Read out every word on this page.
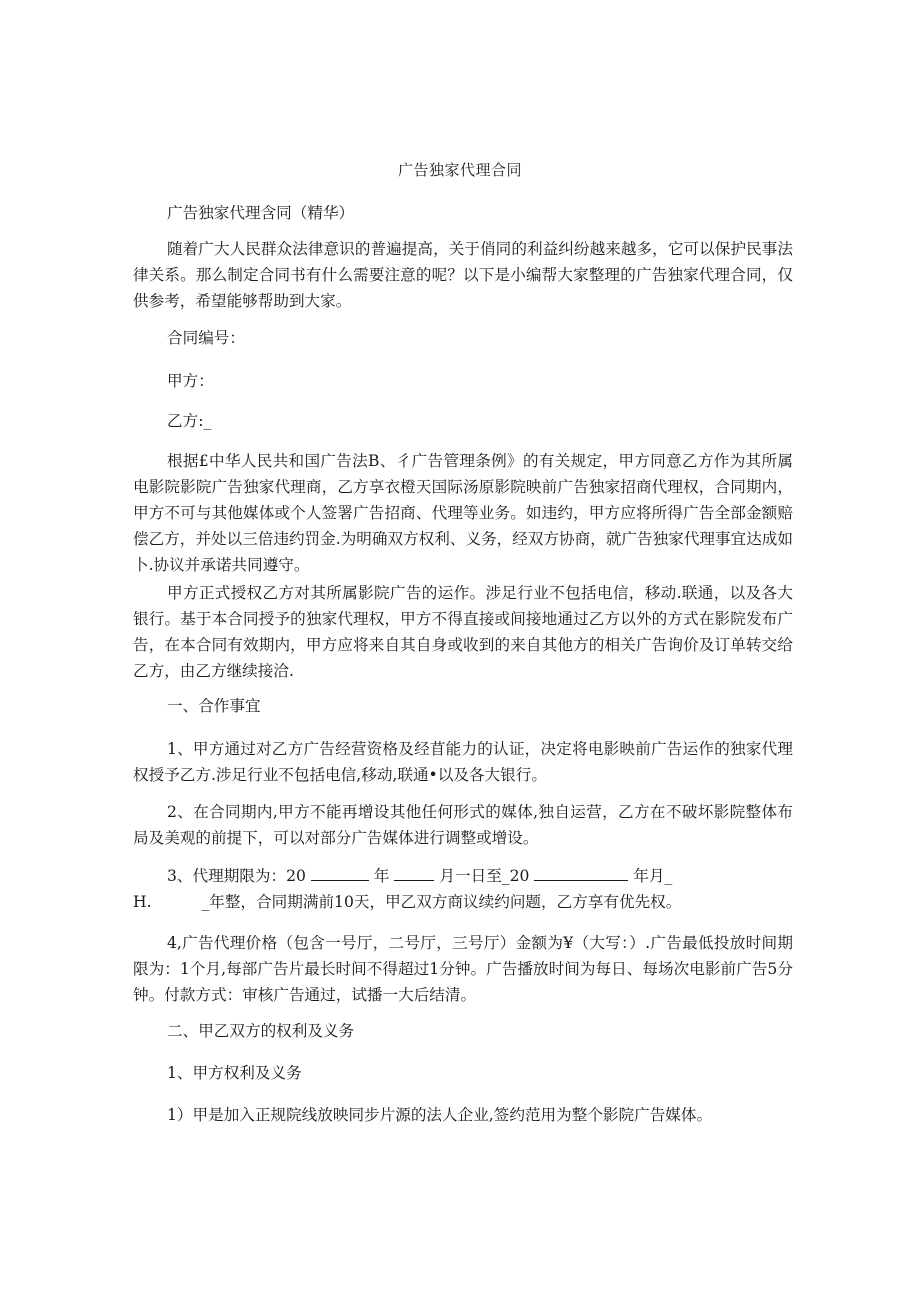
广告独家代理合同

广告独家代理含同（精华）

随着广大人民群众法律意识的普遍提高，关于俏同的利益纠纷越来越多，它可以保护民事法律关系。那么制定合同书有什么需要注意的呢？以下是小编帮大家整理的广告独家代理合同，仅供参考，希望能够帮助到大家。

合同编号：

甲方：

乙方:_

根据£中华人民共和国广告法B、彳广告管理条例》的有关规定，甲方同意乙方作为其所属电影院影院广告独家代理商，乙方享衣橙天国际汤原影院映前广告独家招商代理权，合同期内，甲方不可与其他媒体或个人签署广告招商、代理等业务。如违约，甲方应将所得广告全部金额赔偿乙方，并处以三倍违约罚金.为明确双方权利、义务，经双方协商，就广告独家代理事宜达成如卜.协议并承诺共同遵守。

甲方正式授权乙方对其所属影院广告的运作。涉足行业不包括电信，移动.联通，以及各大银行。基于本合同授予的独家代理权，甲方不得直接或间接地通过乙方以外的方式在影院发布广告，在本合同有效期内，甲方应将来自其自身或收到的来自其他方的相关广告询价及订单转交给乙方，由乙方继续接洽.

一、合作事宜

1、甲方通过对乙方广告经营资格及经苜能力的认证，决定将电影映前广告运作的独家代理权授予乙方.涉足行业不包括电信,移动,联通•以及各大银行。

2、在合同期内,甲方不能再增设其他任何形式的媒体,独自运营，乙方在不破坏影院整体布局及美观的前提下，可以对部分广告媒体进行调整或增设。

3、代理期限为：20	年	月一日至_20	年月_

H.	_年整，合同期满前10天，甲乙双方商议续约问题，乙方享有优先权。

4,广告代理价格（包含一号厅，二号厅，三号厅）金额为¥（大写：）.广告最低投放时间期限为：1个月,每部广告片最长时间不得超过1分钟。广告播放时间为每日、每场次电影前广告5分钟。付款方式：审核广告通过，试播一大后结清。

二、甲乙双方的权利及义务

1、甲方权利及义务

1）甲是加入正规院线放映同步片源的法人企业,签约范用为整个影院广告媒体。
